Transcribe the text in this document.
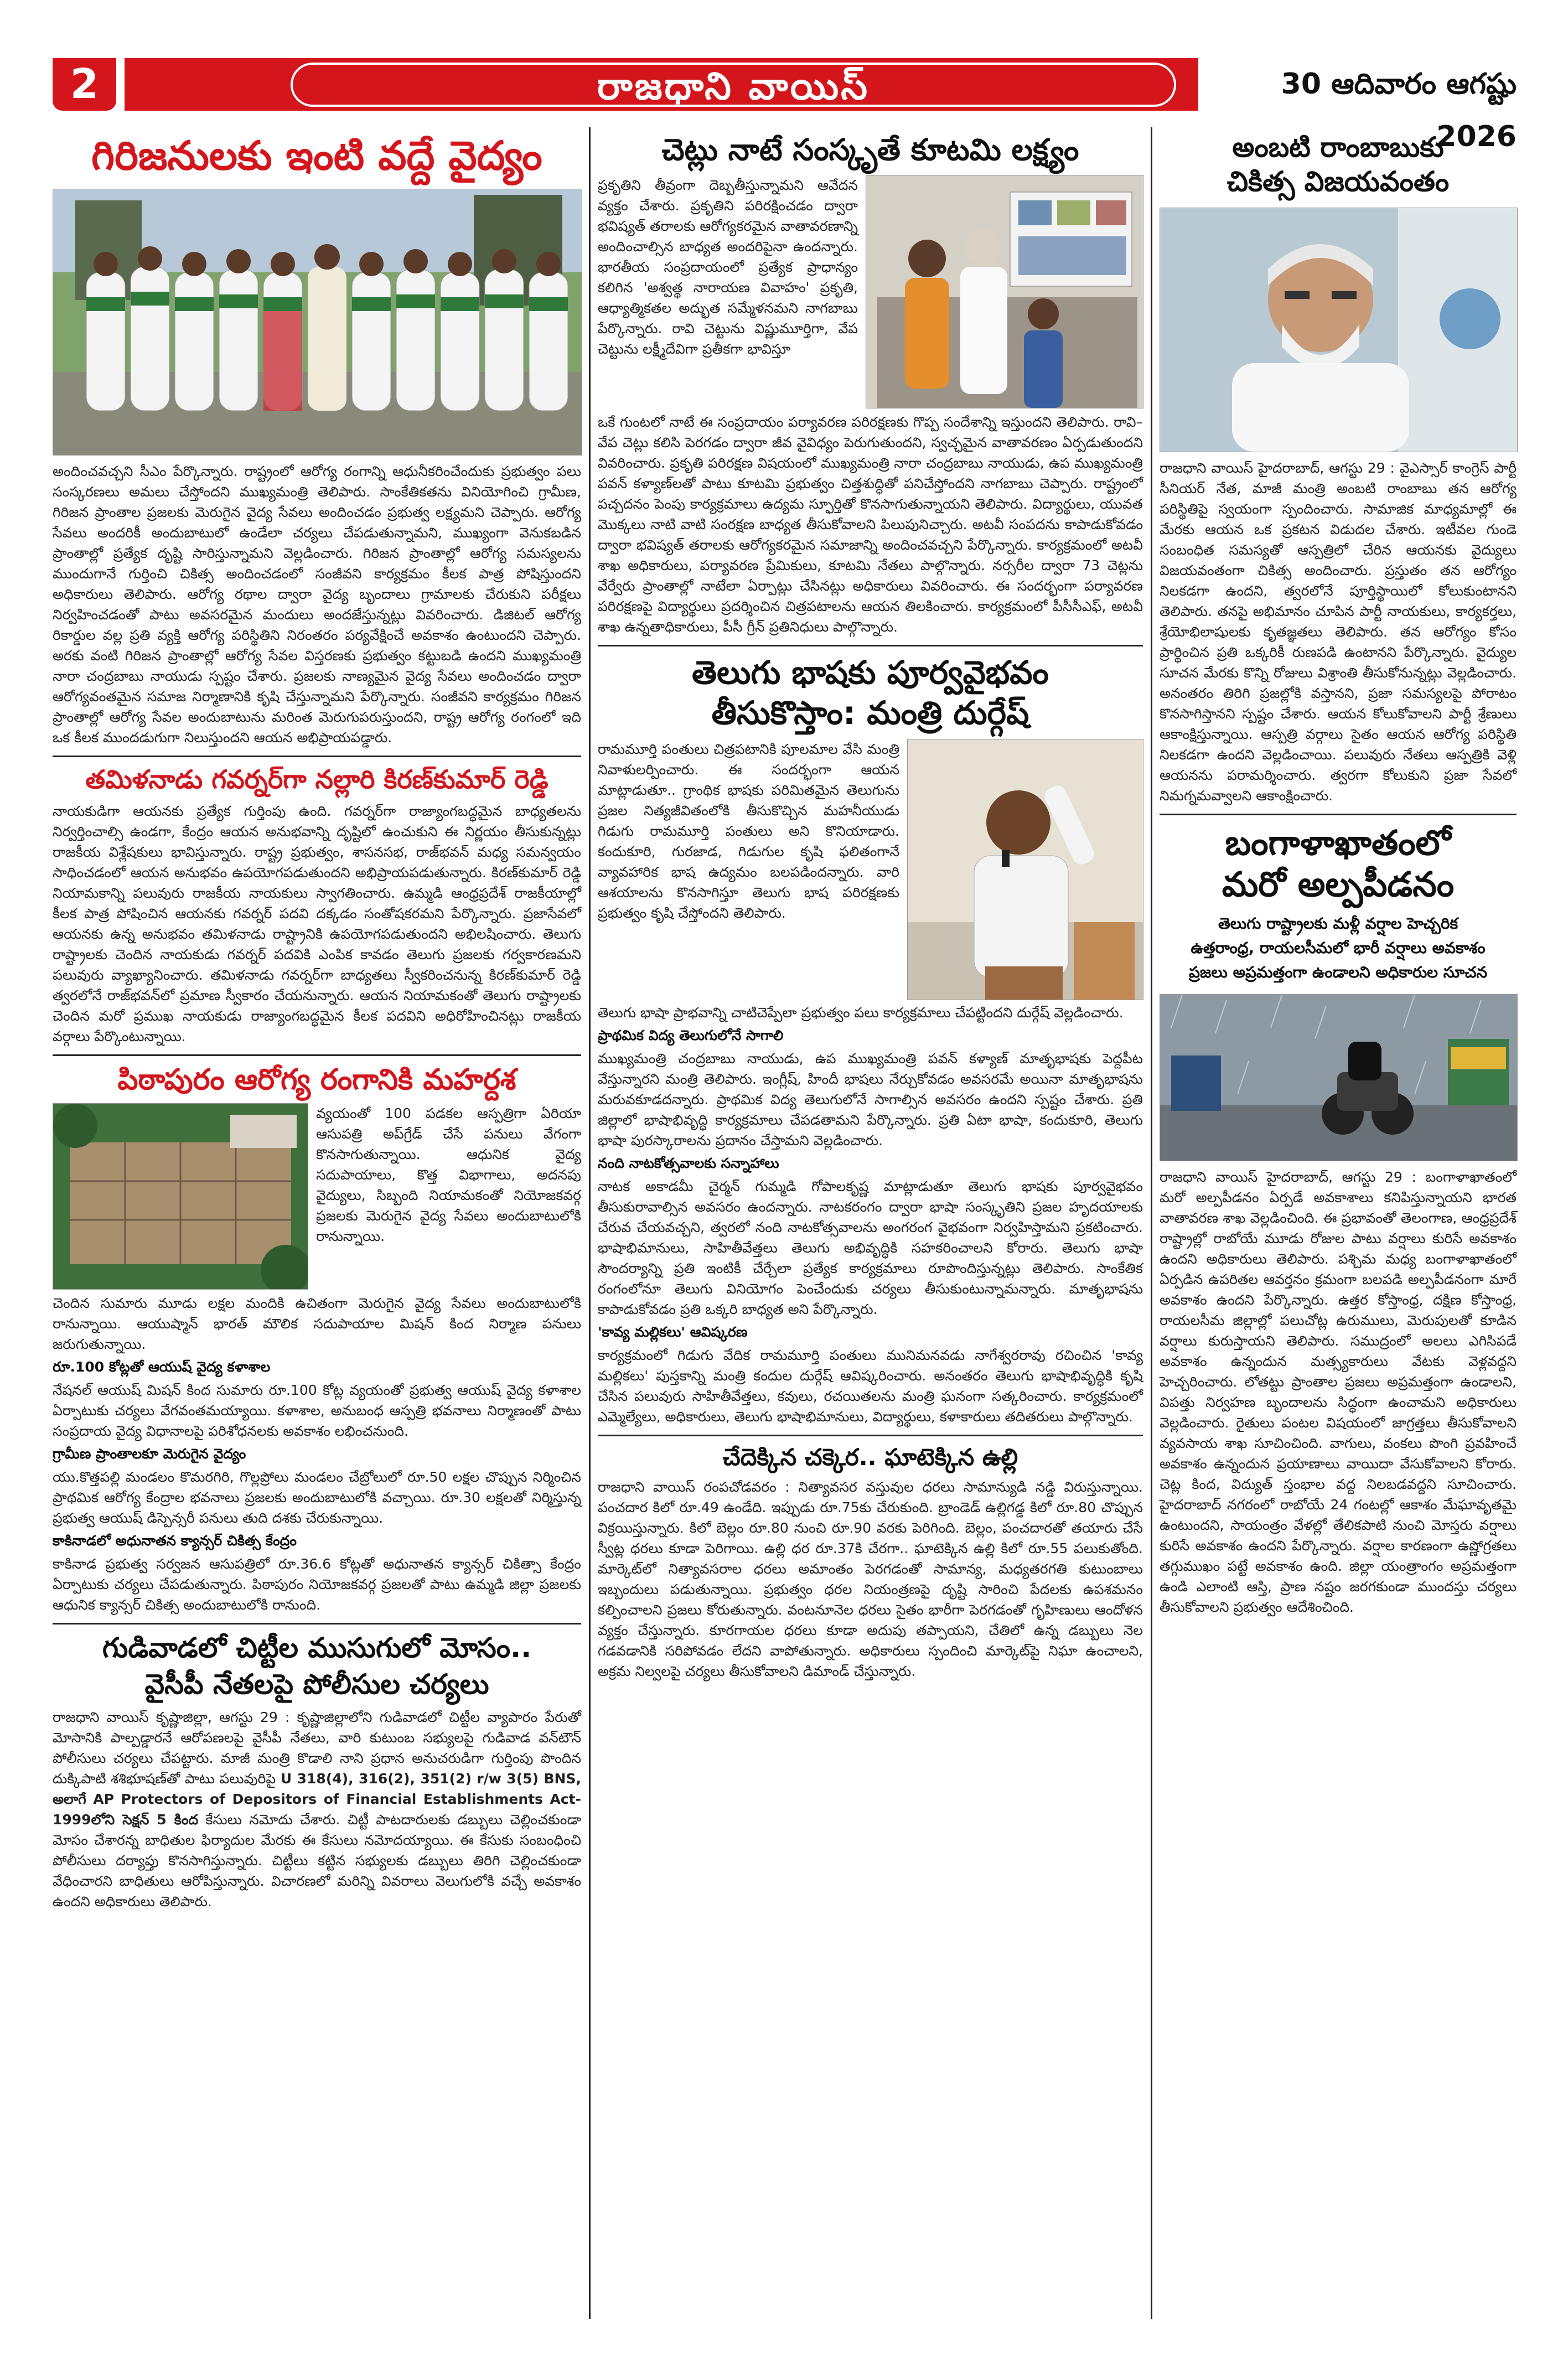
2	రాజధాని వాయిస్	30 ఆదివారం ఆగష్టు 2026
గిరిజనులకు ఇంటి వద్దే వైద్యం

అందించవచ్చని సీఎం పేర్కొన్నారు. రాష్ట్రంలో ఆరోగ్య రంగాన్ని ఆధునీకరించేందుకు ప్రభుత్వం పలు సంస్కరణలు అమలు చేస్తోందని ముఖ్యమంత్రి తెలిపారు. సాంకేతికతను వినియోగించి గ్రామీణ, గిరిజన ప్రాంతాల ప్రజలకు మెరుగైన వైద్య సేవలు అందించడం ప్రభుత్వ లక్ష్యమని చెప్పారు. ఆరోగ్య సేవలు అందరికీ అందుబాటులో ఉండేలా చర్యలు చేపడుతున్నామని, ముఖ్యంగా వెనుకబడిన ప్రాంతాల్లో ప్రత్యేక దృష్టి సారిస్తున్నామని వెల్లడించారు. గిరిజన ప్రాంతాల్లో ఆరోగ్య సమస్యలను ముందుగానే గుర్తించి చికిత్స అందించడంలో సంజీవని కార్యక్రమం కీలక పాత్ర పోషిస్తుందని అధికారులు తెలిపారు. ఆరోగ్య రథాల ద్వారా వైద్య బృందాలు గ్రామాలకు చేరుకుని పరీక్షలు నిర్వహించడంతో పాటు అవసరమైన మందులు అందజేస్తున్నట్లు వివరించారు. డిజిటల్ ఆరోగ్య రికార్డుల వల్ల ప్రతి వ్యక్తి ఆరోగ్య పరిస్థితిని నిరంతరం పర్యవేక్షించే అవకాశం ఉంటుందని చెప్పారు. అరకు వంటి గిరిజన ప్రాంతాల్లో ఆరోగ్య సేవల విస్తరణకు ప్రభుత్వం కట్టుబడి ఉందని ముఖ్యమంత్రి నారా చంద్రబాబు నాయుడు స్పష్టం చేశారు. ప్రజలకు నాణ్యమైన వైద్య సేవలు అందించడం ద్వారా ఆరోగ్యవంతమైన సమాజ నిర్మాణానికి కృషి చేస్తున్నామని పేర్కొన్నారు. సంజీవని కార్యక్రమం గిరిజన ప్రాంతాల్లో ఆరోగ్య సేవల అందుబాటును మరింత మెరుగుపరుస్తుందని, రాష్ట్ర ఆరోగ్య రంగంలో ఇది ఒక కీలక ముందడుగుగా నిలుస్తుందని ఆయన అభిప్రాయపడ్డారు.

తమిళనాడు గవర్నర్‌గా నల్లారి కిరణ్‌కుమార్ రెడ్డి

నాయకుడిగా ఆయనకు ప్రత్యేక గుర్తింపు ఉంది. గవర్నర్‌గా రాజ్యాంగబద్ధమైన బాధ్యతలను నిర్వర్తించాల్సి ఉండగా, కేంద్రం ఆయన అనుభవాన్ని దృష్టిలో ఉంచుకుని ఈ నిర్ణయం తీసుకున్నట్లు రాజకీయ విశ్లేషకులు భావిస్తున్నారు. రాష్ట్ర ప్రభుత్వం, శాసనసభ, రాజ్‌భవన్ మధ్య సమన్వయం సాధించడంలో ఆయన అనుభవం ఉపయోగపడుతుందని అభిప్రాయపడుతున్నారు. కిరణ్‌కుమార్ రెడ్డి నియామకాన్ని పలువురు రాజకీయ నాయకులు స్వాగతించారు. ఉమ్మడి ఆంధ్రప్రదేశ్ రాజకీయాల్లో కీలక పాత్ర పోషించిన ఆయనకు గవర్నర్ పదవి దక్కడం సంతోషకరమని పేర్కొన్నారు. ప్రజాసేవలో ఆయనకు ఉన్న అనుభవం తమిళనాడు రాష్ట్రానికి ఉపయోగపడుతుందని అభిలషించారు. తెలుగు రాష్ట్రాలకు చెందిన నాయకుడు గవర్నర్ పదవికి ఎంపిక కావడం తెలుగు ప్రజలకు గర్వకారణమని పలువురు వ్యాఖ్యానించారు. తమిళనాడు గవర్నర్‌గా బాధ్యతలు స్వీకరించనున్న కిరణ్‌కుమార్ రెడ్డి త్వరలోనే రాజ్‌భవన్‌లో ప్రమాణ స్వీకారం చేయనున్నారు. ఆయన నియామకంతో తెలుగు రాష్ట్రాలకు చెందిన మరో ప్రముఖ నాయకుడు రాజ్యాంగబద్ధమైన కీలక పదవిని అధిరోహించినట్లు రాజకీయ వర్గాలు పేర్కొంటున్నాయి.

పిఠాపురం ఆరోగ్య రంగానికి మహర్దశ

వ్యయంతో 100 పడకల ఆస్పత్రిగా ఏరియా ఆసుపత్రి అప్‌గ్రేడ్ చేసే పనులు వేగంగా కొనసాగుతున్నాయి. ఆధునిక వైద్య సదుపాయాలు, కొత్త విభాగాలు, అదనపు వైద్యులు, సిబ్బంది నియామకంతో నియోజకవర్గ ప్రజలకు మెరుగైన వైద్య సేవలు అందుబాటులోకి రానున్నాయి.

చెందిన సుమారు మూడు లక్షల మందికి ఉచితంగా మెరుగైన వైద్య సేవలు అందుబాటులోకి రానున్నాయి. ఆయుష్మాన్ భారత్ మౌలిక సదుపాయాల మిషన్ కింద నిర్మాణ పనులు జరుగుతున్నాయి.

రూ.100 కోట్లతో ఆయుష్ వైద్య కళాశాల

నేషనల్ ఆయుష్ మిషన్ కింద సుమారు రూ.100 కోట్ల వ్యయంతో ప్రభుత్వ ఆయుష్ వైద్య కళాశాల ఏర్పాటుకు చర్యలు వేగవంతమయ్యాయి. కళాశాల, అనుబంధ ఆస్పత్రి భవనాలు నిర్మాణంతో పాటు సంప్రదాయ వైద్య విధానాలపై పరిశోధనలకు అవకాశం లభించనుంది.

గ్రామీణ ప్రాంతాలకూ మెరుగైన వైద్యం

యు.కొత్తపల్లి మండలం కొమరగిరి, గొల్లప్రోలు మండలం చేబ్రోలులో రూ.50 లక్షల చొప్పున నిర్మించిన ప్రాథమిక ఆరోగ్య కేంద్రాల భవనాలు ప్రజలకు అందుబాటులోకి వచ్చాయి. రూ.30 లక్షలతో నిర్మిస్తున్న ప్రభుత్వ ఆయుష్ డిస్పెన్సరీ పనులు తుది దశకు చేరుకున్నాయి.

కాకినాడలో అధునాతన క్యాన్సర్ చికిత్స కేంద్రం

కాకినాడ ప్రభుత్వ సర్వజన ఆసుపత్రిలో రూ.36.6 కోట్లతో అధునాతన క్యాన్సర్ చికిత్సా కేంద్రం ఏర్పాటుకు చర్యలు చేపడుతున్నారు. పిఠాపురం నియోజకవర్గ ప్రజలతో పాటు ఉమ్మడి జిల్లా ప్రజలకు ఆధునిక క్యాన్సర్ చికిత్స అందుబాటులోకి రానుంది.

గుడివాడలో చిట్టీల ముసుగులో మోసం..
వైసీపీ నేతలపై పోలీసుల చర్యలు

రాజధాని వాయిస్ కృష్ణాజిల్లా, ఆగస్టు 29 : కృష్ణాజిల్లాలోని గుడివాడలో చిట్టీల వ్యాపారం పేరుతో మోసానికి పాల్పడ్డారనే ఆరోపణలపై వైసీపీ నేతలు, వారి కుటుంబ సభ్యులపై గుడివాడ వన్‌టౌన్ పోలీసులు చర్యలు చేపట్టారు. మాజీ మంత్రి కొడాలి నాని ప్రధాన అనుచరుడిగా గుర్తింపు పొందిన దుక్కిపాటి శశిభూషణ్‌తో పాటు పలువురిపై U 318(4), 316(2), 351(2) r/w 3(5) BNS, అలాగే AP Protectors of Depositors of Financial Establishments Act-1999లోని సెక్షన్ 5 కింద కేసులు నమోదు చేశారు. చిట్టీ పాటదారులకు డబ్బులు చెల్లించకుండా మోసం చేశారన్న బాధితుల ఫిర్యాదుల మేరకు ఈ కేసులు నమోదయ్యాయి. ఈ కేసుకు సంబంధించి పోలీసులు దర్యాప్తు కొనసాగిస్తున్నారు. చిట్టీలు కట్టిన సభ్యులకు డబ్బులు తిరిగి చెల్లించకుండా వేధించారని బాధితులు ఆరోపిస్తున్నారు. విచారణలో మరిన్ని వివరాలు వెలుగులోకి వచ్చే అవకాశం ఉందని అధికారులు తెలిపారు.

చెట్లు నాటే సంస్కృతే కూటమి లక్ష్యం

ప్రకృతిని తీవ్రంగా దెబ్బతీస్తున్నామని ఆవేదన వ్యక్తం చేశారు. ప్రకృతిని పరిరక్షించడం ద్వారా భవిష్యత్ తరాలకు ఆరోగ్యకరమైన వాతావరణాన్ని అందించాల్సిన బాధ్యత అందరిపైనా ఉందన్నారు. భారతీయ సంప్రదాయంలో ప్రత్యేక ప్రాధాన్యం కలిగిన 'అశ్వత్థ నారాయణ వివాహం' ప్రకృతి, ఆధ్యాత్మికతల అద్భుత సమ్మేళనమని నాగబాబు పేర్కొన్నారు. రావి చెట్టును విష్ణుమూర్తిగా, వేప చెట్టును లక్ష్మీదేవిగా ప్రతీకగా భావిస్తూ

ఒకే గుంటలో నాటే ఈ సంప్రదాయం పర్యావరణ పరిరక్షణకు గొప్ప సందేశాన్ని ఇస్తుందని తెలిపారు. రావి–వేప చెట్లు కలిసి పెరగడం ద్వారా జీవ వైవిధ్యం పెరుగుతుందని, స్వచ్ఛమైన వాతావరణం ఏర్పడుతుందని వివరించారు. ప్రకృతి పరిరక్షణ విషయంలో ముఖ్యమంత్రి నారా చంద్రబాబు నాయుడు, ఉప ముఖ్యమంత్రి పవన్ కళ్యాణ్‌లతో పాటు కూటమి ప్రభుత్వం చిత్తశుద్ధితో పనిచేస్తోందని నాగబాబు చెప్పారు. రాష్ట్రంలో పచ్చదనం పెంపు కార్యక్రమాలు ఉద్యమ స్ఫూర్తితో కొనసాగుతున్నాయని తెలిపారు. విద్యార్థులు, యువత మొక్కలు నాటి వాటి సంరక్షణ బాధ్యత తీసుకోవాలని పిలుపునిచ్చారు. అటవీ సంపదను కాపాడుకోవడం ద్వారా భవిష్యత్ తరాలకు ఆరోగ్యకరమైన సమాజాన్ని అందించవచ్చని పేర్కొన్నారు. కార్యక్రమంలో అటవీ శాఖ అధికారులు, పర్యావరణ ప్రేమికులు, కూటమి నేతలు పాల్గొన్నారు. నర్సరీల ద్వారా 73 చెట్లను వేర్వేరు ప్రాంతాల్లో నాటేలా ఏర్పాట్లు చేసినట్లు అధికారులు వివరించారు. ఈ సందర్భంగా పర్యావరణ పరిరక్షణపై విద్యార్థులు ప్రదర్శించిన చిత్రపటాలను ఆయన తిలకించారు. కార్యక్రమంలో పీసీసీఎఫ్, అటవీ శాఖ ఉన్నతాధికారులు, పీసీ గ్రీన్ ప్రతినిధులు పాల్గొన్నారు.

తెలుగు భాషకు పూర్వవైభవం
తీసుకొస్తాం: మంత్రి దుర్గేష్

రామమూర్తి పంతులు చిత్రపటానికి పూలమాల వేసి మంత్రి నివాళులర్పించారు. ఈ సందర్భంగా ఆయన మాట్లాడుతూ.. గ్రాంథిక భాషకు పరిమితమైన తెలుగును ప్రజల నిత్యజీవితంలోకి తీసుకొచ్చిన మహనీయుడు గిడుగు రామమూర్తి పంతులు అని కొనియాడారు. కందుకూరి, గురజాడ, గిడుగుల కృషి ఫలితంగానే వ్యావహారిక భాష ఉద్యమం బలపడిందన్నారు. వారి ఆశయాలను కొనసాగిస్తూ తెలుగు భాష పరిరక్షణకు ప్రభుత్వం కృషి చేస్తోందని తెలిపారు.

తెలుగు భాషా ప్రాభవాన్ని చాటిచెప్పేలా ప్రభుత్వం పలు కార్యక్రమాలు చేపట్టిందని దుర్గేష్ వెల్లడించారు.

ప్రాథమిక విద్య తెలుగులోనే సాగాలి

ముఖ్యమంత్రి చంద్రబాబు నాయుడు, ఉప ముఖ్యమంత్రి పవన్ కళ్యాణ్ మాతృభాషకు పెద్దపీట వేస్తున్నారని మంత్రి తెలిపారు. ఇంగ్లీష్, హిందీ భాషలు నేర్చుకోవడం అవసరమే అయినా మాతృభాషను మరువకూడదన్నారు. ప్రాథమిక విద్య తెలుగులోనే సాగాల్సిన అవసరం ఉందని స్పష్టం చేశారు. ప్రతి జిల్లాలో భాషాభివృద్ధి కార్యక్రమాలు చేపడతామని పేర్కొన్నారు. ప్రతి ఏటా భాషా, కందుకూరి, తెలుగు భాషా పురస్కారాలను ప్రదానం చేస్తామని వెల్లడించారు.

నంది నాటకోత్సవాలకు సన్నాహాలు

నాటక అకాడమీ చైర్మన్ గుమ్మడి గోపాలకృష్ణ మాట్లాడుతూ తెలుగు భాషకు పూర్వవైభవం తీసుకురావాల్సిన అవసరం ఉందన్నారు. నాటకరంగం ద్వారా భాషా సంస్కృతిని ప్రజల హృదయాలకు చేరువ చేయవచ్చని, త్వరలో నంది నాటకోత్సవాలను అంగరంగ వైభవంగా నిర్వహిస్తామని ప్రకటించారు. భాషాభిమానులు, సాహితీవేత్తలు తెలుగు అభివృద్ధికి సహకరించాలని కోరారు. తెలుగు భాషా సౌందర్యాన్ని ప్రతి ఇంటికీ చేర్చేలా ప్రత్యేక కార్యక్రమాలు రూపొందిస్తున్నట్లు తెలిపారు. సాంకేతిక రంగంలోనూ తెలుగు వినియోగం పెంచేందుకు చర్యలు తీసుకుంటున్నామన్నారు. మాతృభాషను కాపాడుకోవడం ప్రతి ఒక్కరి బాధ్యత అని పేర్కొన్నారు.

'కావ్య మల్లికలు' ఆవిష్కరణ

కార్యక్రమంలో గిడుగు వేదిక రామమూర్తి పంతులు మునిమనవడు నాగేశ్వరరావు రచించిన 'కావ్య మల్లికలు' పుస్తకాన్ని మంత్రి కందుల దుర్గేష్ ఆవిష్కరించారు. అనంతరం తెలుగు భాషాభివృద్ధికి కృషి చేసిన పలువురు సాహితీవేత్తలు, కవులు, రచయితలను మంత్రి ఘనంగా సత్కరించారు. కార్యక్రమంలో ఎమ్మెల్యేలు, అధికారులు, తెలుగు భాషాభిమానులు, విద్యార్థులు, కళాకారులు తదితరులు పాల్గొన్నారు.

చేదెక్కిన చక్కెర.. ఘాటెక్కిన ఉల్లి

రాజధాని వాయిస్ రంపచోడవరం : నిత్యావసర వస్తువుల ధరలు సామాన్యుడి నడ్డి విరుస్తున్నాయి. పంచదార కిలో రూ.49 ఉండేది. ఇప్పుడు రూ.75కు చేరుకుంది. బ్రాండెడ్ ఉల్లిగడ్డ కిలో రూ.80 చొప్పున విక్రయిస్తున్నారు. కిలో బెల్లం రూ.80 నుంచి రూ.90 వరకు పెరిగింది. బెల్లం, పంచదారతో తయారు చేసే స్వీట్ల ధరలు కూడా పెరిగాయి. ఉల్లి ధర రూ.37కి చేరగా.. ఘాటెక్కిన ఉల్లి కిలో రూ.55 పలుకుతోంది. మార్కెట్‌లో నిత్యావసరాల ధరలు అమాంతం పెరగడంతో సామాన్య, మధ్యతరగతి కుటుంబాలు ఇబ్బందులు పడుతున్నాయి. ప్రభుత్వం ధరల నియంత్రణపై దృష్టి సారించి పేదలకు ఉపశమనం కల్పించాలని ప్రజలు కోరుతున్నారు. వంటనూనెల ధరలు సైతం భారీగా పెరగడంతో గృహిణులు ఆందోళన వ్యక్తం చేస్తున్నారు. కూరగాయల ధరలు కూడా అదుపు తప్పాయని, చేతిలో ఉన్న డబ్బులు నెల గడవడానికి సరిపోవడం లేదని వాపోతున్నారు. అధికారులు స్పందించి మార్కెట్‌పై నిఘా ఉంచాలని, అక్రమ నిల్వలపై చర్యలు తీసుకోవాలని డిమాండ్ చేస్తున్నారు.

అంబటి రాంబాబుకు
చికిత్స విజయవంతం

రాజధాని వాయిస్ హైదరాబాద్, ఆగస్టు 29 : వైఎస్సార్ కాంగ్రెస్ పార్టీ సీనియర్ నేత, మాజీ మంత్రి అంబటి రాంబాబు తన ఆరోగ్య పరిస్థితిపై స్వయంగా స్పందించారు. సామాజిక మాధ్యమాల్లో ఈ మేరకు ఆయన ఒక ప్రకటన విడుదల చేశారు. ఇటీవల గుండె సంబంధిత సమస్యతో ఆస్పత్రిలో చేరిన ఆయనకు వైద్యులు విజయవంతంగా చికిత్స అందించారు. ప్రస్తుతం తన ఆరోగ్యం నిలకడగా ఉందని, త్వరలోనే పూర్తిస్థాయిలో కోలుకుంటానని తెలిపారు. తనపై అభిమానం చూపిన పార్టీ నాయకులు, కార్యకర్తలు, శ్రేయోభిలాషులకు కృతజ్ఞతలు తెలిపారు. తన ఆరోగ్యం కోసం ప్రార్థించిన ప్రతి ఒక్కరికీ రుణపడి ఉంటానని పేర్కొన్నారు. వైద్యుల సూచన మేరకు కొన్ని రోజులు విశ్రాంతి తీసుకోనున్నట్లు వెల్లడించారు. అనంతరం తిరిగి ప్రజల్లోకి వస్తానని, ప్రజా సమస్యలపై పోరాటం కొనసాగిస్తానని స్పష్టం చేశారు. ఆయన కోలుకోవాలని పార్టీ శ్రేణులు ఆకాంక్షిస్తున్నాయి. ఆస్పత్రి వర్గాలు సైతం ఆయన ఆరోగ్య పరిస్థితి నిలకడగా ఉందని వెల్లడించాయి. పలువురు నేతలు ఆస్పత్రికి వెళ్లి ఆయనను పరామర్శించారు. త్వరగా కోలుకుని ప్రజా సేవలో నిమగ్నమవ్వాలని ఆకాంక్షించారు.

బంగాళాఖాతంలో
మరో అల్పపీడనం
తెలుగు రాష్ట్రాలకు మళ్లీ వర్షాల హెచ్చరిక
ఉత్తరాంధ్ర, రాయలసీమలో భారీ వర్షాలు అవకాశం
ప్రజలు అప్రమత్తంగా ఉండాలని అధికారుల సూచన

రాజధాని వాయిస్ హైదరాబాద్, ఆగస్టు 29 : బంగాళాఖాతంలో మరో అల్పపీడనం ఏర్పడే అవకాశాలు కనిపిస్తున్నాయని భారత వాతావరణ శాఖ వెల్లడించింది. ఈ ప్రభావంతో తెలంగాణ, ఆంధ్రప్రదేశ్ రాష్ట్రాల్లో రాబోయే మూడు రోజుల పాటు వర్షాలు కురిసే అవకాశం ఉందని అధికారులు తెలిపారు. పశ్చిమ మధ్య బంగాళాఖాతంలో ఏర్పడిన ఉపరితల ఆవర్తనం క్రమంగా బలపడి అల్పపీడనంగా మారే అవకాశం ఉందని పేర్కొన్నారు. ఉత్తర కోస్తాంధ్ర, దక్షిణ కోస్తాంధ్ర, రాయలసీమ జిల్లాల్లో పలుచోట్ల ఉరుములు, మెరుపులతో కూడిన వర్షాలు కురుస్తాయని తెలిపారు. సముద్రంలో అలలు ఎగిసిపడే అవకాశం ఉన్నందున మత్స్యకారులు వేటకు వెళ్లవద్దని హెచ్చరించారు. లోతట్టు ప్రాంతాల ప్రజలు అప్రమత్తంగా ఉండాలని, విపత్తు నిర్వహణ బృందాలను సిద్ధంగా ఉంచామని అధికారులు వెల్లడించారు. రైతులు పంటల విషయంలో జాగ్రత్తలు తీసుకోవాలని వ్యవసాయ శాఖ సూచించింది. వాగులు, వంకలు పొంగి ప్రవహించే అవకాశం ఉన్నందున ప్రయాణాలు వాయిదా వేసుకోవాలని కోరారు. చెట్ల కింద, విద్యుత్ స్తంభాల వద్ద నిలబడవద్దని సూచించారు. హైదరాబాద్ నగరంలో రాబోయే 24 గంటల్లో ఆకాశం మేఘావృతమై ఉంటుందని, సాయంత్రం వేళల్లో తేలికపాటి నుంచి మోస్తరు వర్షాలు కురిసే అవకాశం ఉందని పేర్కొన్నారు. వర్షాల కారణంగా ఉష్ణోగ్రతలు తగ్గుముఖం పట్టే అవకాశం ఉంది. జిల్లా యంత్రాంగం అప్రమత్తంగా ఉండి ఎలాంటి ఆస్తి, ప్రాణ నష్టం జరగకుండా ముందస్తు చర్యలు తీసుకోవాలని ప్రభుత్వం ఆదేశించింది.
